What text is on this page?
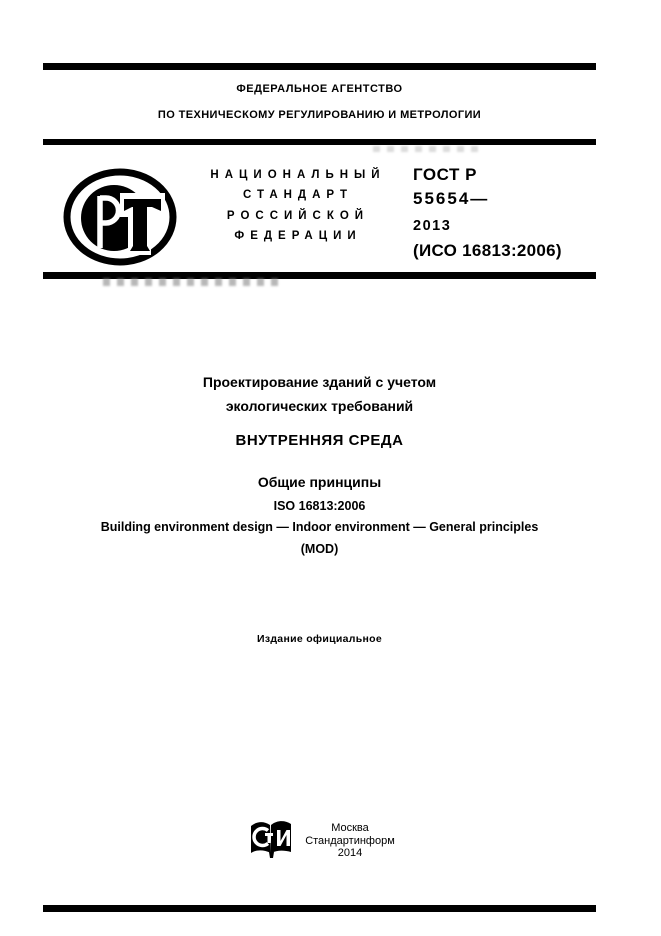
ФЕДЕРАЛЬНОЕ АГЕНТСТВО
ПО ТЕХНИЧЕСКОМУ РЕГУЛИРОВАНИЮ И МЕТРОЛОГИИ
НАЦИОНАЛЬНЫЙ
СТАНДАРТ
РОССИЙСКОЙ
ФЕДЕРАЦИИ
ГОСТ Р
55654—
2013
(ИСО 16813:2006)
Проектирование зданий с учетом
экологических требований
ВНУТРЕННЯЯ СРЕДА
Общие принципы
ISO 16813:2006
Building environment design — Indoor environment — General principles
(MOD)
Издание официальное
Москва
Стандартинформ
2014
